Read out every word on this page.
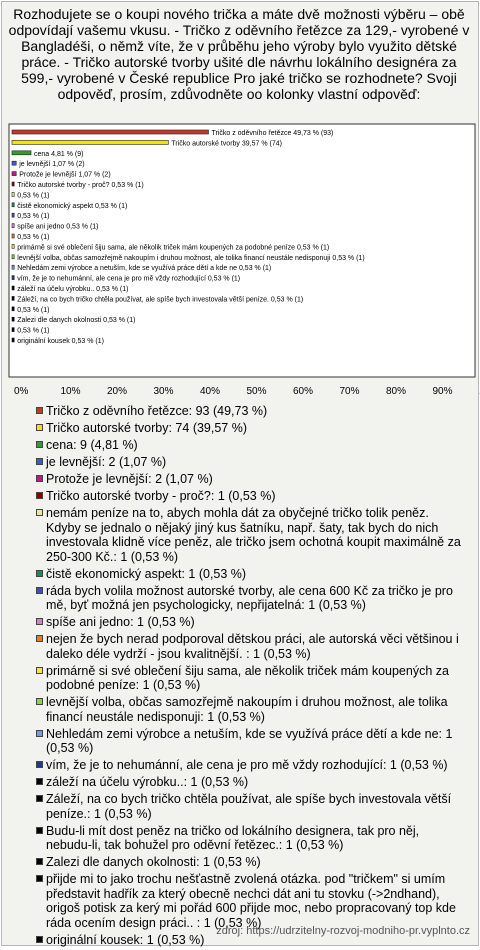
Rozhodujete se o koupi nového trička a máte dvě možnosti výběru – obě odpovídají vašemu vkusu. - Tričko z oděvního řetězce za 129,- vyrobené v Bangladéši, o němž víte, že v průběhu jeho výroby bylo využito dětské práce. - Tričko autorské tvorby ušité dle návrhu lokálního designéra za 599,- vyrobené v České republice Pro jaké tričko se rozhodnete? Svoji odpověď, prosím, zdůvodněte oo kolonky vlastní odpověď:
Tričko z oděvního řetězce 49,73 % (93)
Tričko autorské tvorby 39,57 % (74)
cena 4,81 % (9)
je levnější 1,07 % (2)
Protože je levnější 1,07 % (2)
Tričko autorské tvorby - proč? 0,53 % (1)
0,53 % (1)
čistě ekonomický aspekt 0,53 % (1)
0,53 % (1)
spíše ani jedno 0,53 % (1)
0,53 % (1)
primárně si své oblečení šiju sama, ale několik triček mám koupených za podobné peníze 0,53 % (1)
levnější volba, občas samozřejmě nakoupím i druhou možnost, ale tolika financí neustále nedisponuji 0,53 % (1)
Nehledám zemi výrobce a netuším, kde se využívá práce dětí a kde ne 0,53 % (1)
vím, že je to nehumánní, ale cena je pro mě vždy rozhodující 0,53 % (1)
záleží na účelu výrobku.. 0,53 % (1)
Záleží, na co bych tričko chtěla používat, ale spíše bych investovala větší peníze. 0,53 % (1)
0,53 % (1)
Zalezi dle danych okolnosti 0,53 % (1)
0,53 % (1)
originální kousek 0,53 % (1)
0%	10%	20%	30%	40%	50%	60%	70%	80%	90%
Tričko z oděvního řetězce: 93 (49,73 %)
Tričko autorské tvorby: 74 (39,57 %)
cena: 9 (4,81 %)
je levnější: 2 (1,07 %)
Protože je levnější: 2 (1,07 %)
Tričko autorské tvorby - proč?: 1 (0,53 %)
nemám peníze na to, abych mohla dát za obyčejné tričko tolik peněz. Kdyby se jednalo o nějaký jiný kus šatníku, např. šaty, tak bych do nich investovala klidně více peněz, ale tričko jsem ochotná koupit maximálně za 250-300 Kč.: 1 (0,53 %)
čistě ekonomický aspekt: 1 (0,53 %)
ráda bych volila možnost autorské tvorby, ale cena 600 Kč za tričko je pro mě, byť možná jen psychologicky, nepřijatelná: 1 (0,53 %)
spíše ani jedno: 1 (0,53 %)
nejen že bych nerad podporoval dětskou práci, ale autorská věci většinou i daleko déle vydrží - jsou kvalitnější. : 1 (0,53 %)
primárně si své oblečení šiju sama, ale několik triček mám koupených za podobné peníze: 1 (0,53 %)
levnější volba, občas samozřejmě nakoupím i druhou možnost, ale tolika financí neustále nedisponuji: 1 (0,53 %)
Nehledám zemi výrobce a netuším, kde se využívá práce dětí a kde ne: 1 (0,53 %)
vím, že je to nehumánní, ale cena je pro mě vždy rozhodující: 1 (0,53 %)
záleží na účelu výrobku..: 1 (0,53 %)
Záleží, na co bych tričko chtěla používat, ale spíše bych investovala větší peníze.: 1 (0,53 %)
Budu-li mít dost peněz na tričko od lokálního designera, tak pro něj, nebudu-li, tak bohužel pro oděvní řetězec.: 1 (0,53 %)
Zalezi dle danych okolnosti: 1 (0,53 %)
přijde mi to jako trochu nešťastně zvolená otázka. pod "tričkem" si umím představit hadřík za který obecně nechci dát ani tu stovku (->2ndhand), origoš potisk za kerý mi pořád 600 přijde moc, nebo propracovaný top kde ráda ocením design práci.. : 1 (0,53 %)
originální kousek: 1 (0,53 %)
zdroj: https://udrzitelny-rozvoj-modniho-pr.vyplnto.cz
